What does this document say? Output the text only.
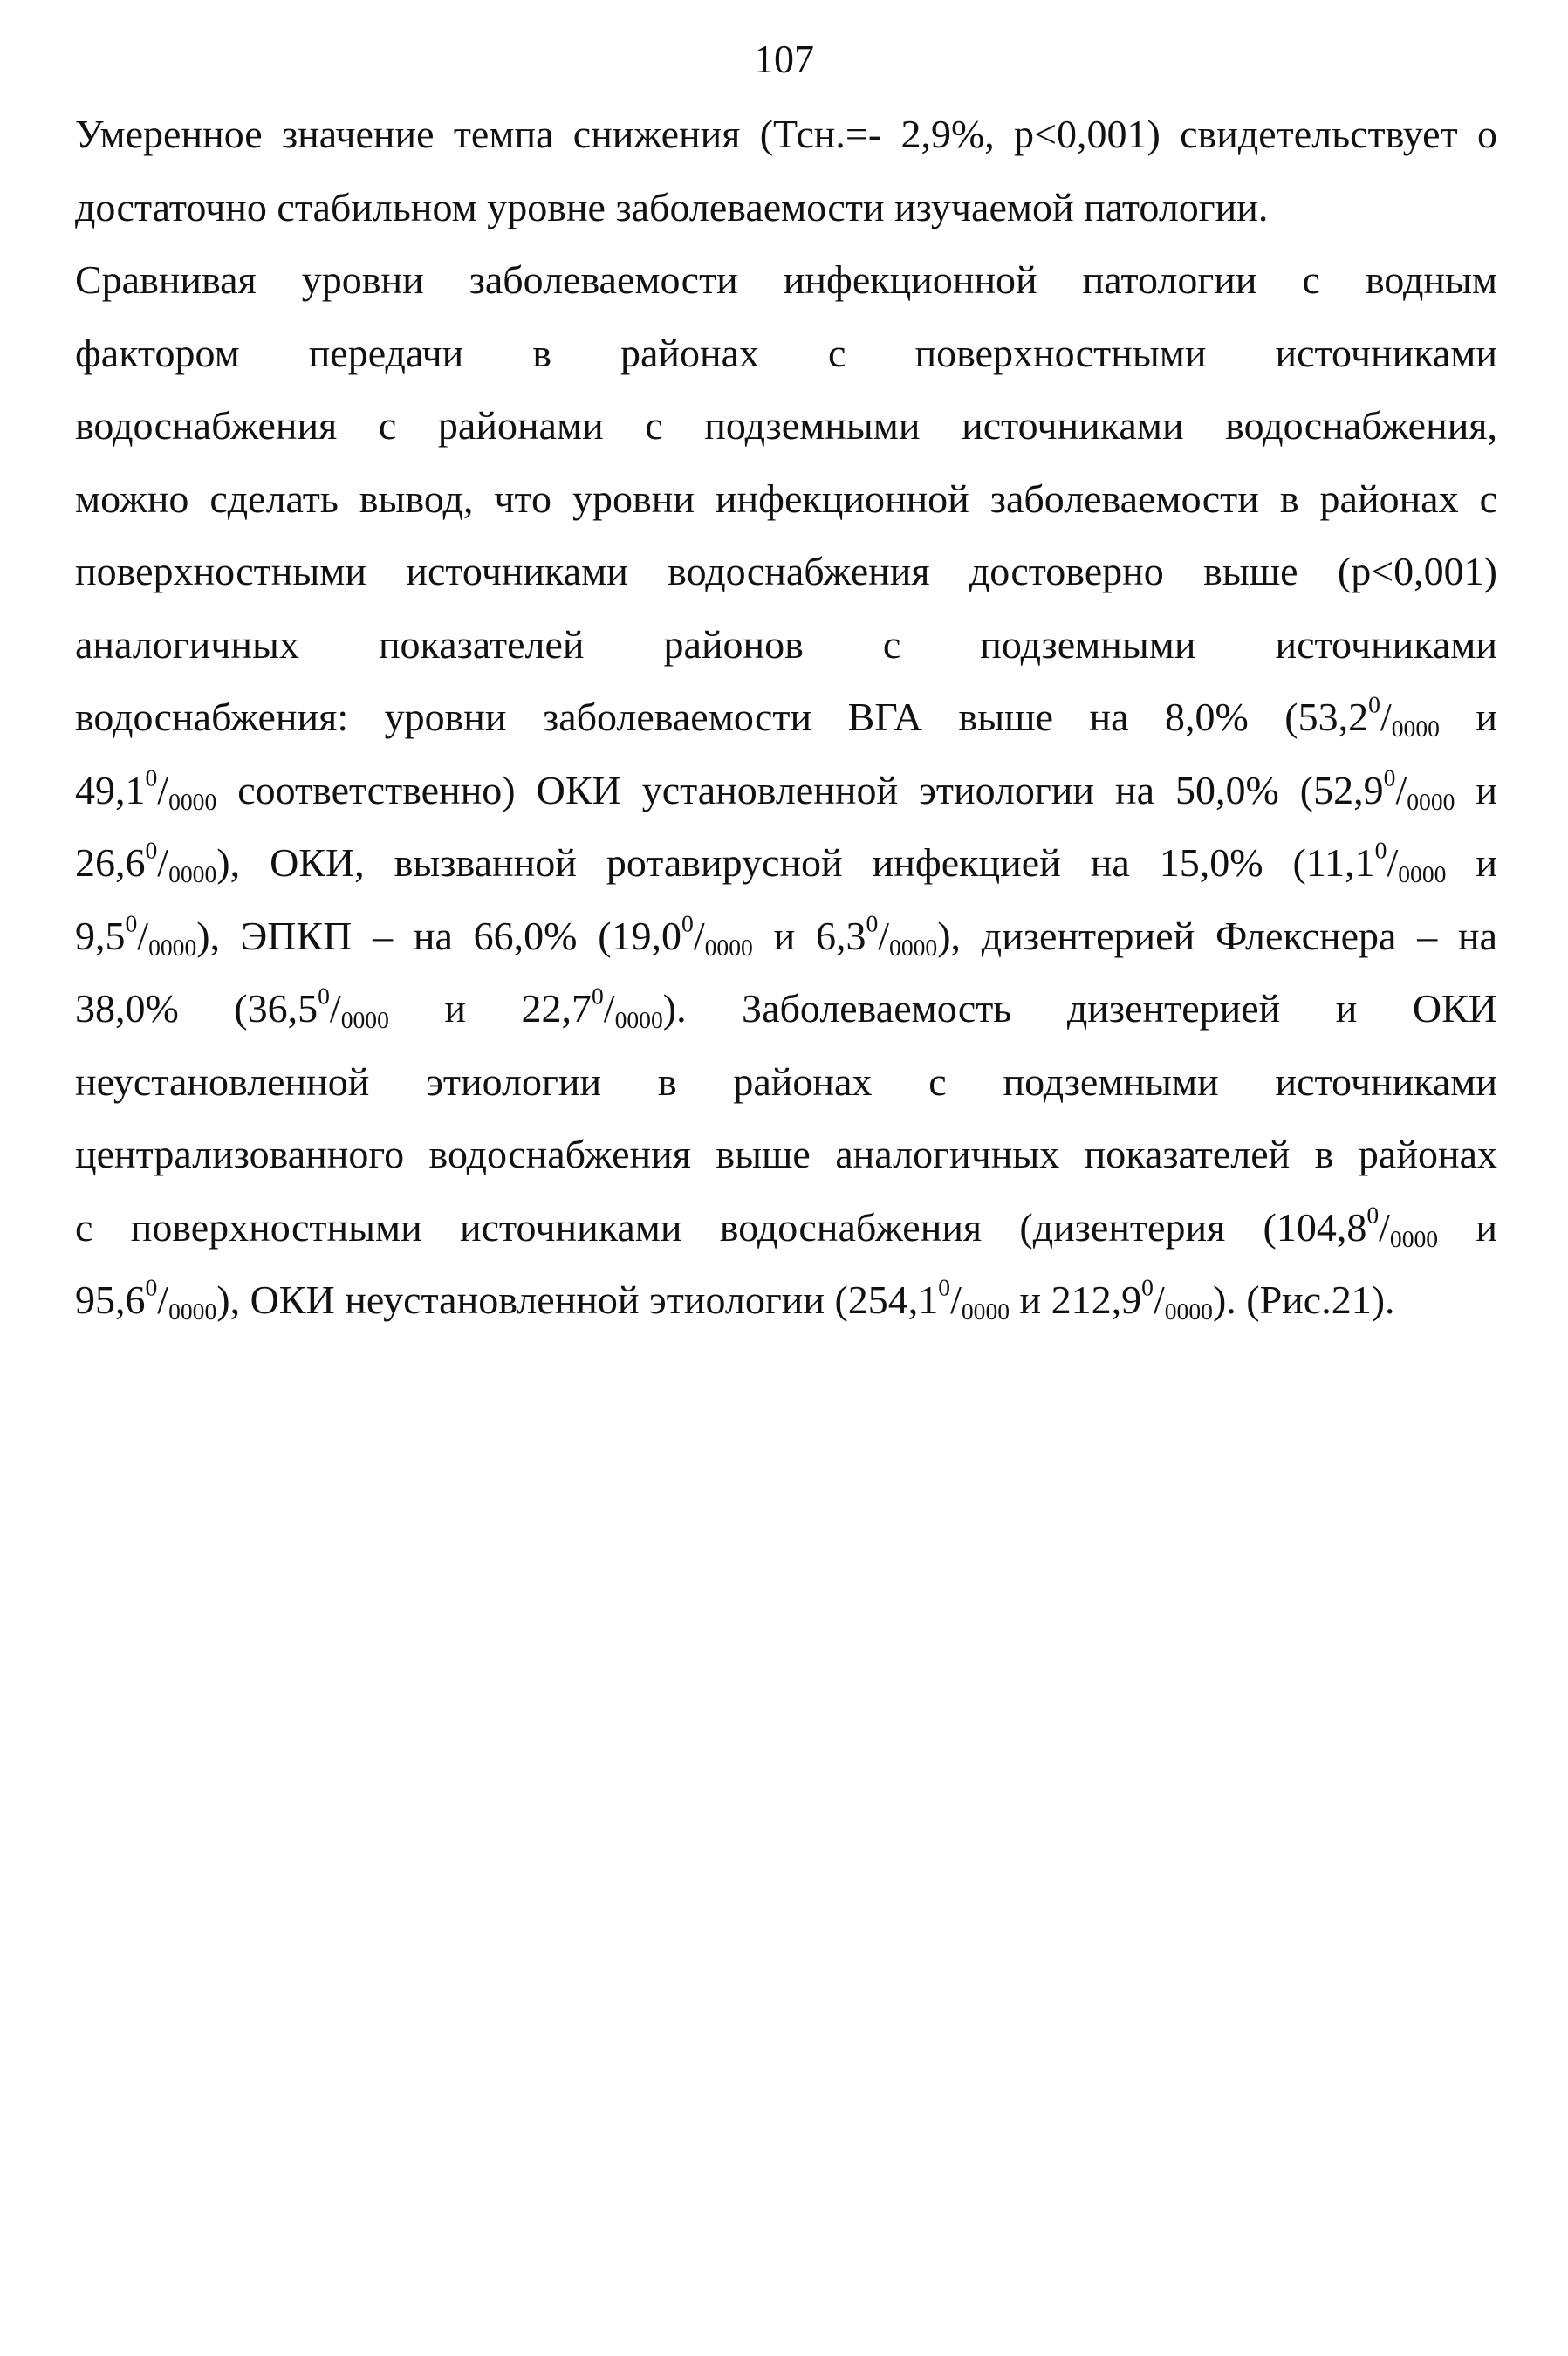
107
Умеренное значение темпа снижения (Тсн.=- 2,9%, p<0,001) свидетельствует о
достаточно стабильном уровне заболеваемости изучаемой патологии.
Сравнивая уровни заболеваемости инфекционной патологии с водным
фактором передачи в районах с поверхностными источниками
водоснабжения с районами с подземными источниками водоснабжения,
можно сделать вывод, что уровни инфекционной заболеваемости в районах с
поверхностными источниками водоснабжения достоверно выше (p<0,001)
аналогичных показателей районов с подземными источниками
водоснабжения: уровни заболеваемости ВГА выше на 8,0% ($53,2^0/_{0000}$ и
$49,1^0/_{0000}$ соответственно) ОКИ установленной этиологии на 50,0% ($52,9^0/_{0000}$ и
$26,6^0/_{0000}$), ОКИ, вызванной ротавирусной инфекцией на 15,0% ($11,1^0/_{0000}$ и
$9,5^0/_{0000}$), ЭПКП – на 66,0% ($19,0^0/_{0000}$ и $6,3^0/_{0000}$), дизентерией Флекснера – на
38,0% ($36,5^0/_{0000}$ и $22,7^0/_{0000}$). Заболеваемость дизентерией и ОКИ
неустановленной этиологии в районах с подземными источниками
централизованного водоснабжения выше аналогичных показателей в районах
с поверхностными источниками водоснабжения (дизентерия ($104,8^0/_{0000}$ и
$95,6^0/_{0000}$), ОКИ неустановленной этиологии ($254,1^0/_{0000}$ и $212,9^0/_{0000}$). (Рис.21).
